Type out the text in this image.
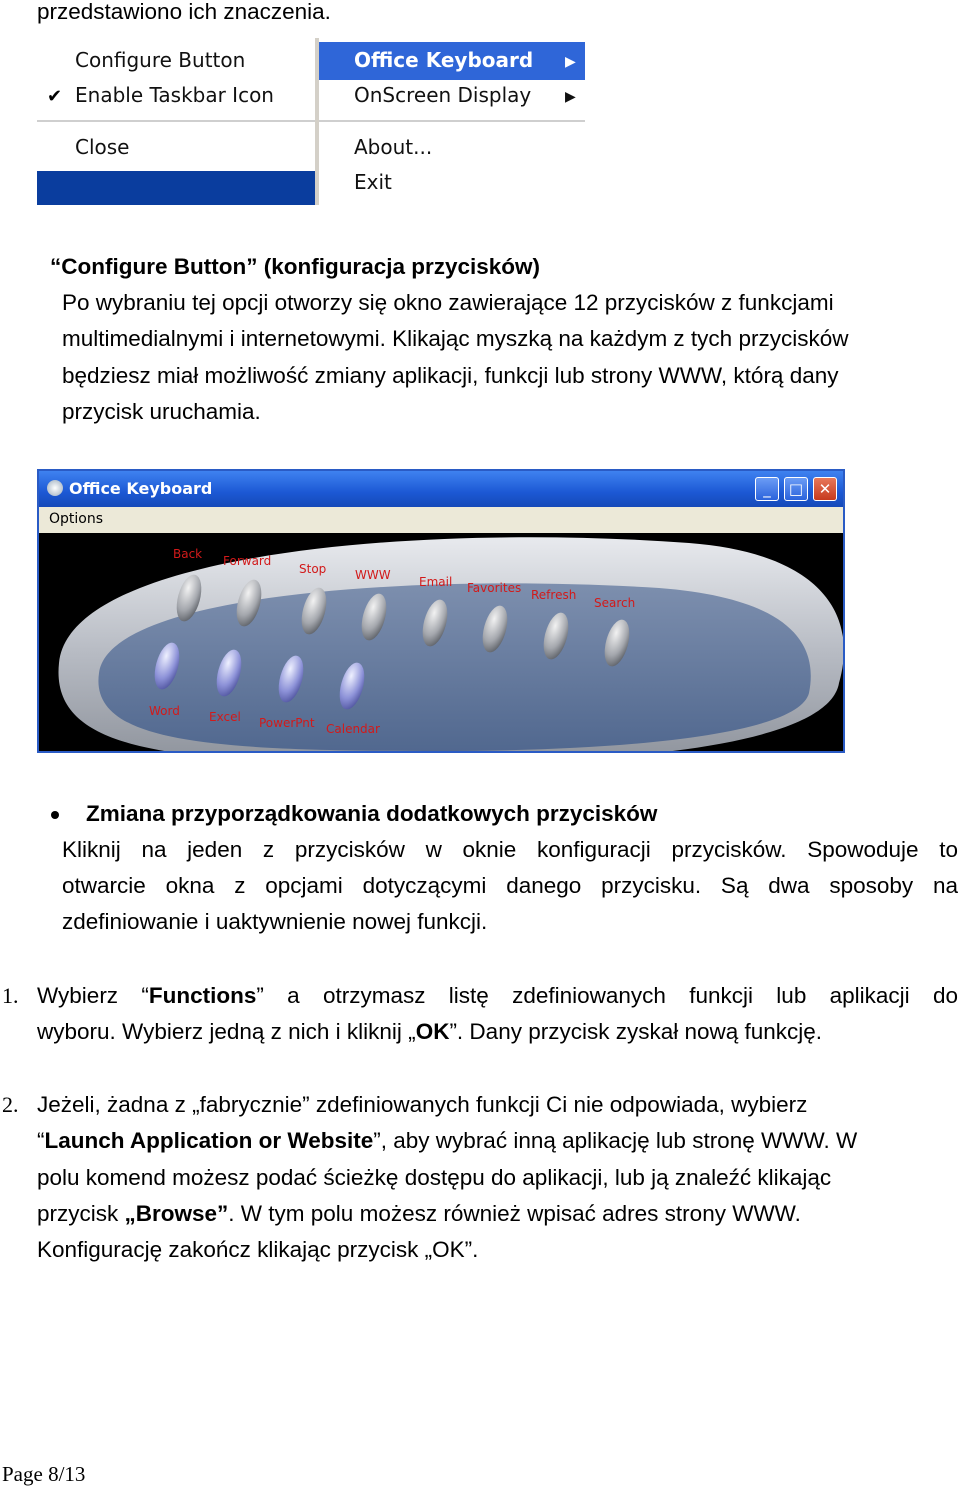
przedstawiono ich znaczenia.
Configure Button
✔ Enable Taskbar Icon
Close
Office Keyboard ▶
OnScreen Display ▶
About...
Exit
“Configure Button” (konfiguracja przycisków)
Po wybraniu tej opcji otworzy się okno zawierające 12 przycisków z funkcjami
multimedialnymi i internetowymi. Klikając myszką na każdym z tych przycisków
będziesz miał możliwość zmiany aplikacji, funkcji lub strony WWW, którą dany
przycisk uruchamia.
Office Keyboard	_	□	✕
Options
Back Forward
Stop WWW Email Favorites Refresh
Search
Word Excel PowerPnt Calendar
Zmiana przyporządkowania dodatkowych przycisków
Kliknij na jeden z przycisków w oknie konfiguracji przycisków. Spowoduje to
otwarcie okna z opcjami dotyczącymi danego przycisku. Są dwa sposoby na
zdefiniowanie i uaktywnienie nowej funkcji.
1. Wybierz “Functions” a otrzymasz listę zdefiniowanych funkcji lub aplikacji do
wyboru. Wybierz jedną z nich i kliknij „OK”. Dany przycisk zyskał nową funkcję.
2. Jeżeli, żadna z „fabrycznie” zdefiniowanych funkcji Ci nie odpowiada, wybierz
“Launch Application or Website”, aby wybrać inną aplikację lub stronę WWW. W
polu komend możesz podać ścieżkę dostępu do aplikacji, lub ją znaleźć klikając
przycisk „Browse”. W tym polu możesz również wpisać adres strony WWW.
Konfigurację zakończ klikając przycisk „OK”.
Page 8/13
